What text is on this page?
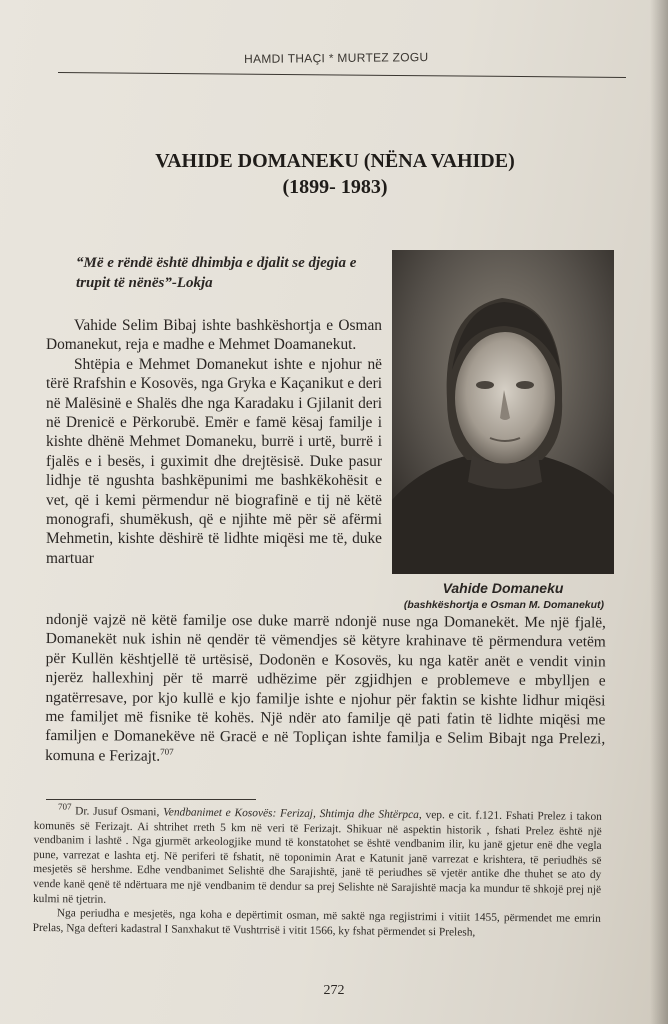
HAMDI THAÇI * MURTEZ ZOGU
VAHIDE DOMANEKU (NËNA VAHIDE)
(1899- 1983)
“Më e rëndë është dhimbja e djalit se djegia e trupit të nënës”-Lokja

Vahide Selim Bibaj ishte bashkëshortja e Osman Domanekut, reja e madhe e Mehmet Doamanekut.

Shtëpia e Mehmet Domanekut ishte e njohur në tërë Rrafshin e Kosovës, nga Gryka e Kaçanikut e deri në Malësinë e Shalës dhe nga Karadaku i Gjilanit deri në Drenicë e Përkorubë. Emër e famë kësaj familje i kishte dhënë Mehmet Domaneku, burrë i urtë, burrë i fjalës e i besës, i guximit dhe drejtësisë. Duke pasur lidhje të ngushta bashkëpunimi me bashkëkohësit e vet, që i kemi përmendur në biografinë e tij në këtë monografi, shumëkush, që e njihte më për së afërmi Mehmetin, kishte dëshirë të lidhte miqësi me të, duke martuar

Vahide Domaneku
(bashkëshortja e Osman M. Domanekut)

ndonjë vajzë në këtë familje ose duke marrë ndonjë nuse nga Domanekët. Me një fjalë, Domanekët nuk ishin në qendër të vëmendjes së këtyre krahinave të përmendura vetëm për Kullën kështjellë të urtësisë, Dodonën e Kosovës, ku nga katër anët e vendit vinin njerëz hallexhinj për të marrë udhëzime për zgjidhjen e problemeve e mbylljen e ngatërresave, por kjo kullë e kjo familje ishte e njohur për faktin se kishte lidhur miqësi me familjet më fisnike të kohës. Një ndër ato familje që pati fatin të lidhte miqësi me familjen e Domanekëve në Gracë e në Topliçan ishte familja e Selim Bibajt nga Prelezi, komuna e Ferizajt.$^{707}$

$^{707}$ Dr. Jusuf Osmani, Vendbanimet e Kosovës: Ferizaj, Shtimja dhe Shtërpca, vep. e cit. f.121. Fshati Prelez i takon komunës së Ferizajt. Ai shtrihet rreth 5 km në veri të Ferizajt. Shikuar në aspektin historik , fshati Prelez është një vendbanim i lashtë . Nga gjurmët arkeologjike mund të konstatohet se është vendbanim ilir, ku janë gjetur enë dhe vegla pune, varrezat e lashta etj. Në periferi të fshatit, në toponimin Arat e Katunit janë varrezat e krishtera, të periudhës së mesjetës së hershme. Edhe vendbanimet Selishtë dhe Sarajishtë, janë të periudhes së vjetër antike dhe thuhet se ato dy vende kanë qenë të ndërtuara me një vendbanim të dendur sa prej Selishte në Sarajishtë macja ka mundur të shkojë prej një kulmi në tjetrin.

Nga periudha e mesjetës, nga koha e depërtimit osman, më saktë nga regjistrimi i vitiit 1455, përmendet me emrin Prelas, Nga defteri kadastral I Sanxhakut të Vushtrrisë i vitit 1566, ky fshat përmendet si Prelesh,

272
